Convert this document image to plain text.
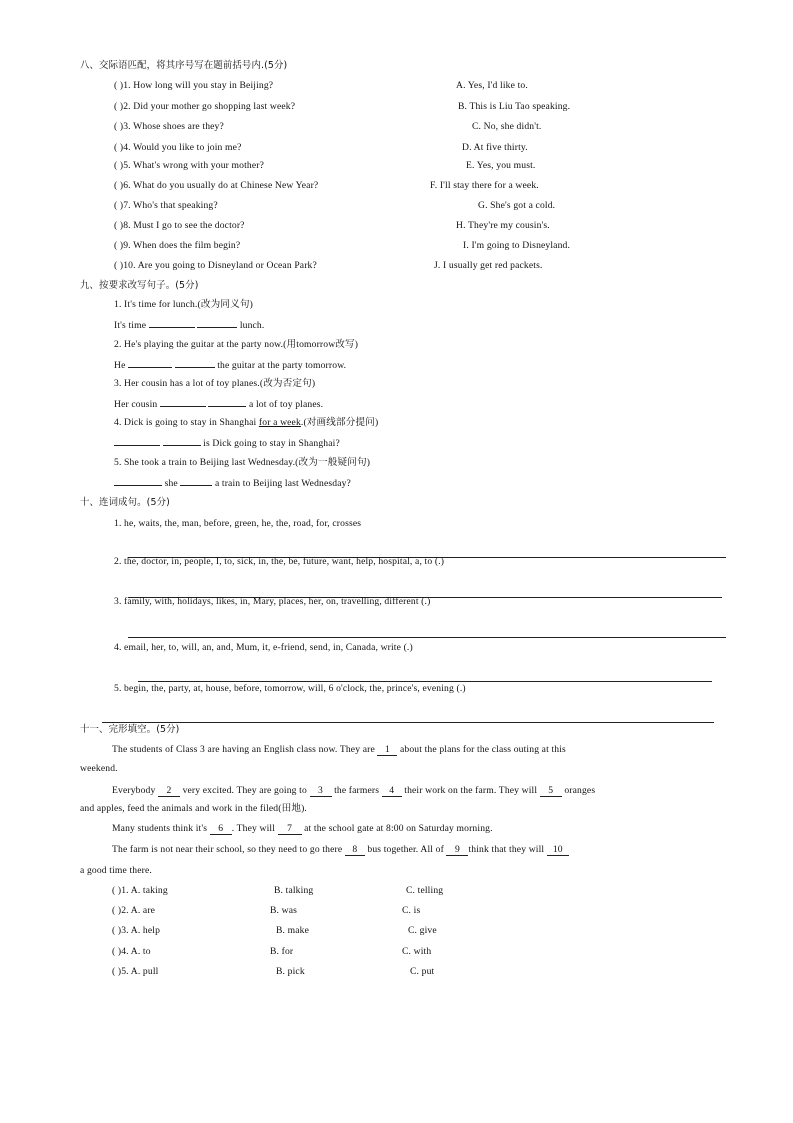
八、交际语匹配，将其序号写在题前括号内.(5分)
( )1. How long will you stay in Beijing?	A. Yes, I'd like to.
( )2. Did your mother go shopping last week?	B. This is Liu Tao speaking.
( )3. Whose shoes are they?	C. No, she didn't.
( )4. Would you like to join me?	D. At five thirty.
( )5. What's wrong with your mother?	E. Yes, you must.
( )6. What do you usually do at Chinese New Year?	F. I'll stay there for a week.
( )7. Who's that speaking?	G. She's got a cold.
( )8. Must I go to see the doctor?	H. They're my cousin's.
( )9. When does the film begin?	I. I'm going to Disneyland.
( )10. Are you going to Disneyland or Ocean Park?	J. I usually get red packets.
九、按要求改写句子。(5分)
1. It's time for lunch.(改为同义句)
It's time	lunch.
2. He's playing the guitar at the party now.(用tomorrow改写)
He	the guitar at the party tomorrow.
3. Her cousin has a lot of toy planes.(改为否定句)
Her cousin	a lot of toy planes.
4. Dick is going to stay in Shanghai for a week.(对画线部分提问)
is Dick going to stay in Shanghai?
5. She took a train to Beijing last Wednesday.(改为一般疑问句)
she	a train to Beijing last Wednesday?
十、连词成句。(5分)
1. he, waits, the, man, before, green, he, the, road, for, crosses
2. the, doctor, in, people, I, to, sick, in, the, be, future, want, help, hospital, a, to (.)
3. family, with, holidays, likes, in, Mary, places, her, on, travelling, different (.)
4. email, her, to, will, an, and, Mum, it, e-friend, send, in, Canada, write (.)
5. begin, the, party, at, house, before, tomorrow, will, 6 o'clock, the, prince's, evening (.)
十一、完形填空。(5分)
The students of Class 3 are having an English class now. They are 1 about the plans for the class outing at this
weekend.
Everybody 2 very excited. They are going to 3 the farmers 4 their work on the farm. They will 5 oranges
and apples, feed the animals and work in the filed(田地).
Many students think it's 6 . They will 7 at the school gate at 8:00 on Saturday morning.
The farm is not near their school, so they need to go there 8 bus together. All of 9 think that they will 10
a good time there.
( )1. A. taking	B. talking	C. telling
( )2. A. are	B. was	C. is
( )3. A. help	B. make	C. give
( )4. A. to	B. for	C. with
( )5. A. pull	B. pick	C. put
